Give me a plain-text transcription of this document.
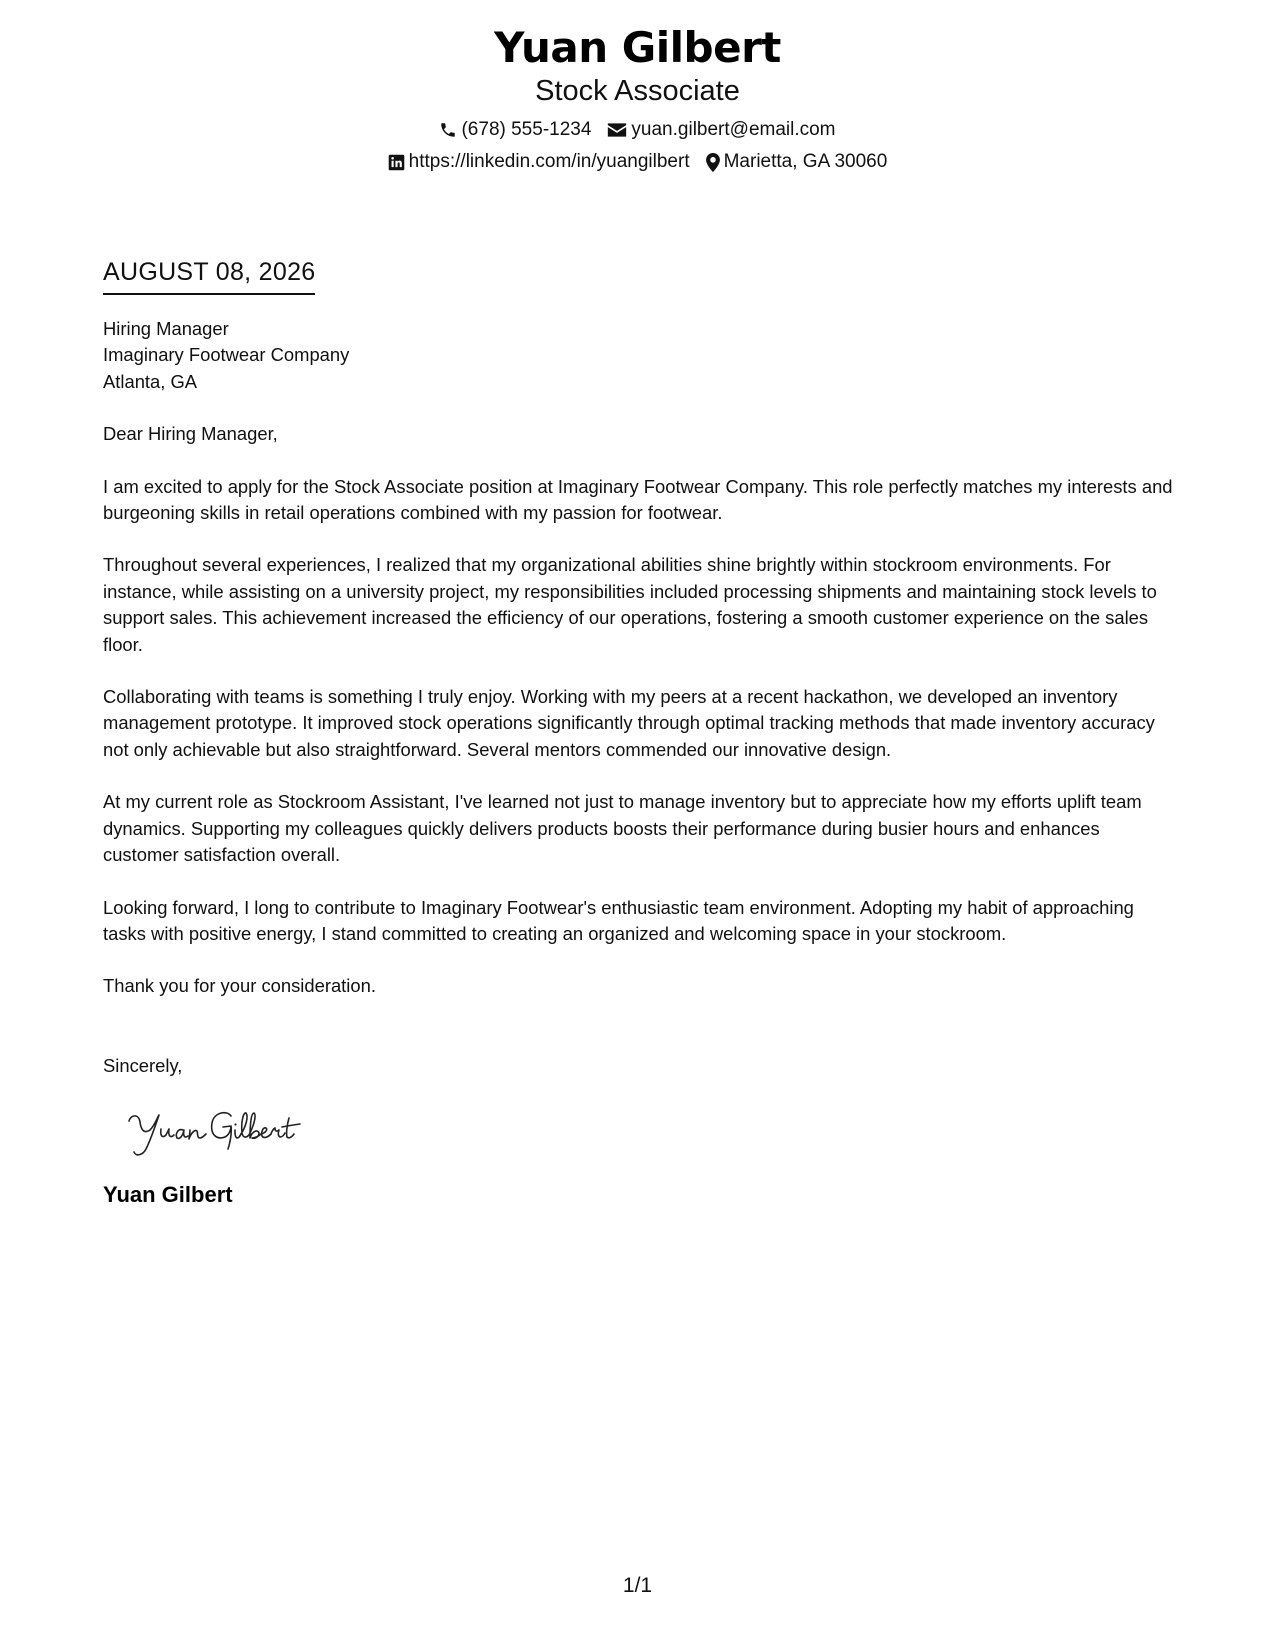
Yuan Gilbert
Stock Associate
(678) 555-1234 yuan.gilbert@email.com
https://linkedin.com/in/yuangilbert Marietta, GA 30060
AUGUST 08, 2026
Hiring Manager
Imaginary Footwear Company
Atlanta, GA

Dear Hiring Manager,

I am excited to apply for the Stock Associate position at Imaginary Footwear Company. This role perfectly matches my interests and burgeoning skills in retail operations combined with my passion for footwear.

Throughout several experiences, I realized that my organizational abilities shine brightly within stockroom environments. For instance, while assisting on a university project, my responsibilities included processing shipments and maintaining stock levels to support sales. This achievement increased the efficiency of our operations, fostering a smooth customer experience on the sales floor.

Collaborating with teams is something I truly enjoy. Working with my peers at a recent hackathon, we developed an inventory management prototype. It improved stock operations significantly through optimal tracking methods that made inventory accuracy not only achievable but also straightforward. Several mentors commended our innovative design.

At my current role as Stockroom Assistant, I've learned not just to manage inventory but to appreciate how my efforts uplift team dynamics. Supporting my colleagues quickly delivers products boosts their performance during busier hours and enhances customer satisfaction overall.

Looking forward, I long to contribute to Imaginary Footwear's enthusiastic team environment. Adopting my habit of approaching tasks with positive energy, I stand committed to creating an organized and welcoming space in your stockroom.

Thank you for your consideration.

Sincerely,
Yuan Gilbert
1/1
